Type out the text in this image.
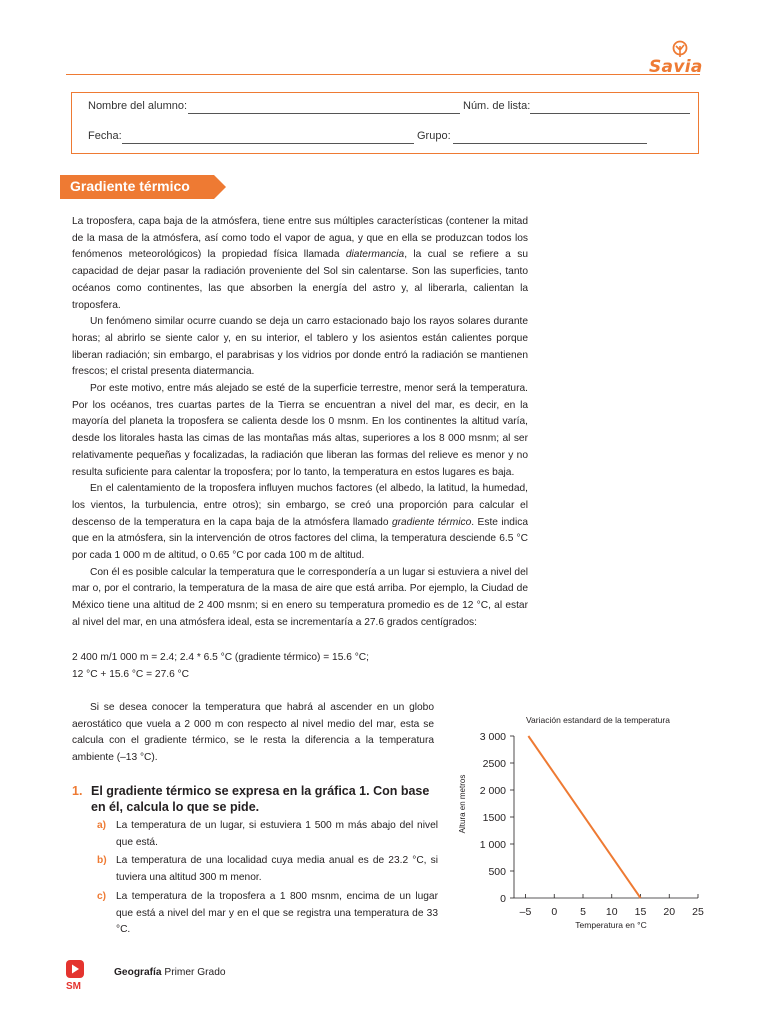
Savia
Nombre del alumno:	Núm. de lista:
Fecha:	Grupo:
Gradiente térmico

La troposfera, capa baja de la atmósfera, tiene entre sus múltiples características (contener la mitad de la masa de la atmósfera, así como todo el vapor de agua, y que en ella se produzcan todos los fenómenos meteorológicos) la propiedad física llamada diatermancia, la cual se refiere a su capacidad de dejar pasar la radiación proveniente del Sol sin calentarse. Son las superficies, tanto océanos como continentes, las que absorben la energía del astro y, al liberarla, calientan la troposfera.

Un fenómeno similar ocurre cuando se deja un carro estacionado bajo los rayos solares durante horas; al abrirlo se siente calor y, en su interior, el tablero y los asientos están calientes porque liberan radiación; sin embargo, el parabrisas y los vidrios por donde entró la radiación se mantienen frescos; el cristal presenta diatermancia.

Por este motivo, entre más alejado se esté de la superficie terrestre, menor será la temperatura. Por los océanos, tres cuartas partes de la Tierra se encuentran a nivel del mar, es decir, en la mayoría del planeta la troposfera se calienta desde los 0 msnm. En los continentes la altitud varía, desde los litorales hasta las cimas de las montañas más altas, superiores a los 8 000 msnm; al ser relativamente pequeñas y focalizadas, la radiación que liberan las formas del relieve es menor y no resulta suficiente para calentar la troposfera; por lo tanto, la temperatura en estos lugares es baja.

En el calentamiento de la troposfera influyen muchos factores (el albedo, la latitud, la humedad, los vientos, la turbulencia, entre otros); sin embargo, se creó una proporción para calcular el descenso de la temperatura en la capa baja de la atmósfera llamado gradiente térmico. Este indica que en la atmósfera, sin la intervención de otros factores del clima, la temperatura desciende 6.5 °C por cada 1 000 m de altitud, o 0.65 °C por cada 100 m de altitud.

Con él es posible calcular la temperatura que le correspondería a un lugar si estuviera a nivel del mar o, por el contrario, la temperatura de la masa de aire que está arriba. Por ejemplo, la Ciudad de México tiene una altitud de 2 400 msnm; si en enero su temperatura promedio es de 12 °C, al estar al nivel del mar, en una atmósfera ideal, esta se incrementaría a 27.6 grados centígrados:

2 400 m/1 000 m = 2.4; 2.4 * 6.5 °C (gradiente térmico) = 15.6 °C;
12 °C + 15.6 °C = 27.6 °C
Si se desea conocer la temperatura que habrá al ascender en un globo aerostático que vuela a 2 000 m con respecto al nivel medio del mar, esta se calcula con el gradiente térmico, se le resta la diferencia a la temperatura ambiente (–13 °C).
1. El gradiente térmico se expresa en la gráfica 1. Con base en él, calcula lo que se pide.
a) La temperatura de un lugar, si estuviera 1 500 m más abajo del nivel que está.
b) La temperatura de una localidad cuya media anual es de 23.2 °C, si tuviera una altitud 300 m menor.
c) La temperatura de la troposfera a 1 800 msnm, encima de un lugar que está a nivel del mar y en el que se registra una temperatura de 33 °C.
Variación estandard de la temperatura
Altura en metros
Temperatura en °C
0
500
1 000
1500
2 000
2500
3 000
–5 0 5 10 15 20 25
SM
Geografía Primer Grado
